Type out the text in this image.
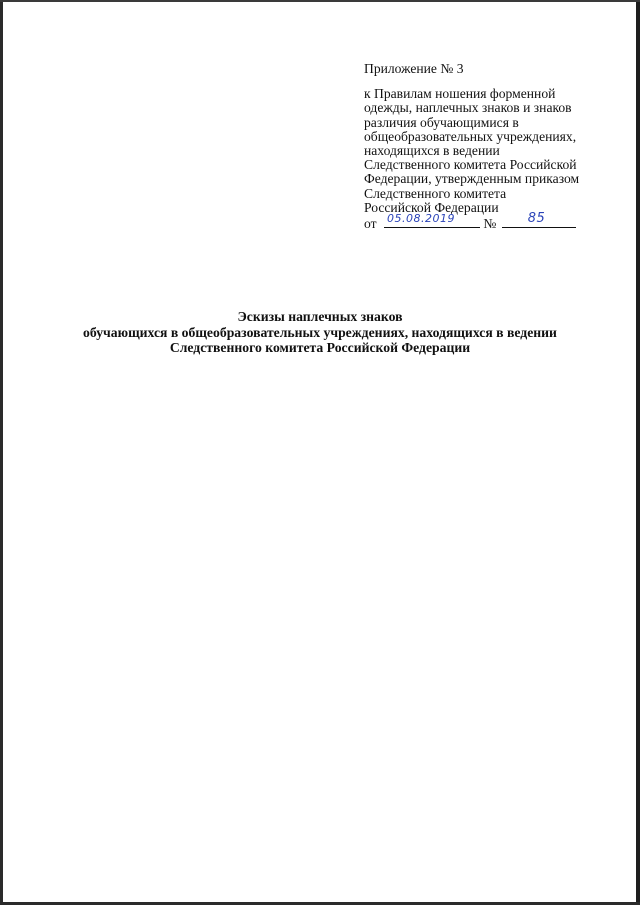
Приложение № 3
к Правилам ношения форменной
одежды, наплечных знаков и знаков
различия обучающимися в
общеобразовательных учреждениях,
находящихся в ведении
Следственного комитета Российской
Федерации, утвержденным приказом
Следственного комитета
Российской Федерации
от 05.08.2019 № 85
Эскизы наплечных знаков
обучающихся в общеобразовательных учреждениях, находящихся в ведении
Следственного комитета Российской Федерации
